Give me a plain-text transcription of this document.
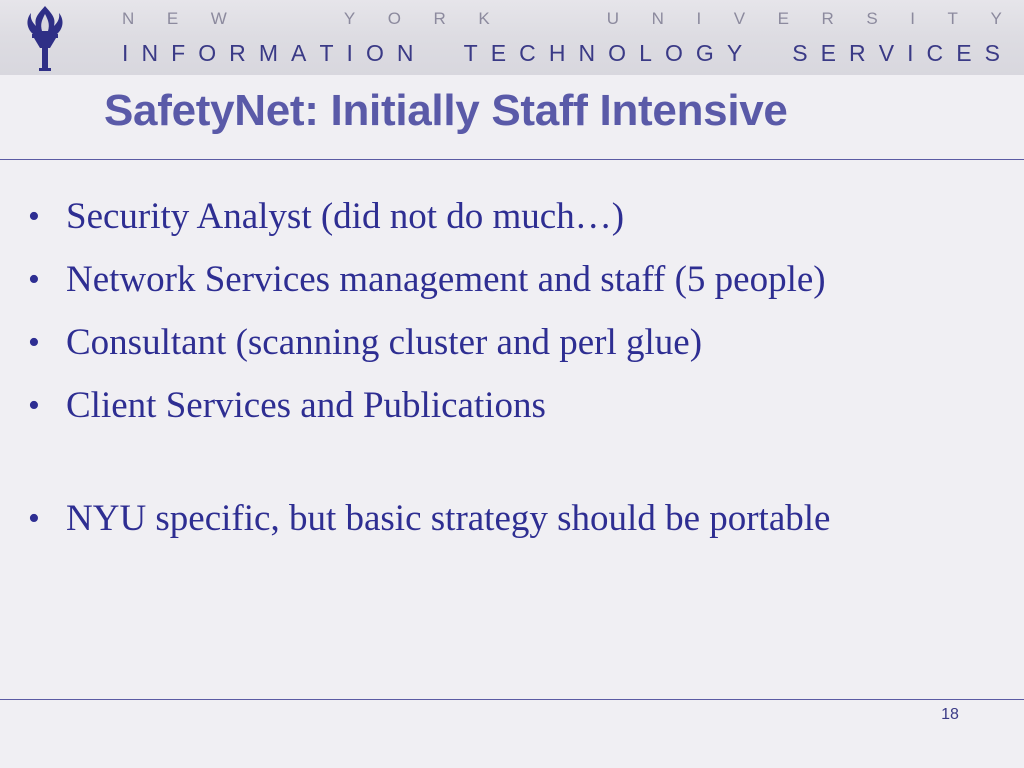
N E W	Y O R K	U N I V E R S I T Y
I N F O R M A T I O N T E C H N O L O G Y S E R V I C E S
SafetyNet: Initially Staff Intensive
• Security Analyst (did not do much…)
• Network Services management and staff (5 people)
• Consultant (scanning cluster and perl glue)
• Client Services and Publications
• NYU specific, but basic strategy should be portable
18
